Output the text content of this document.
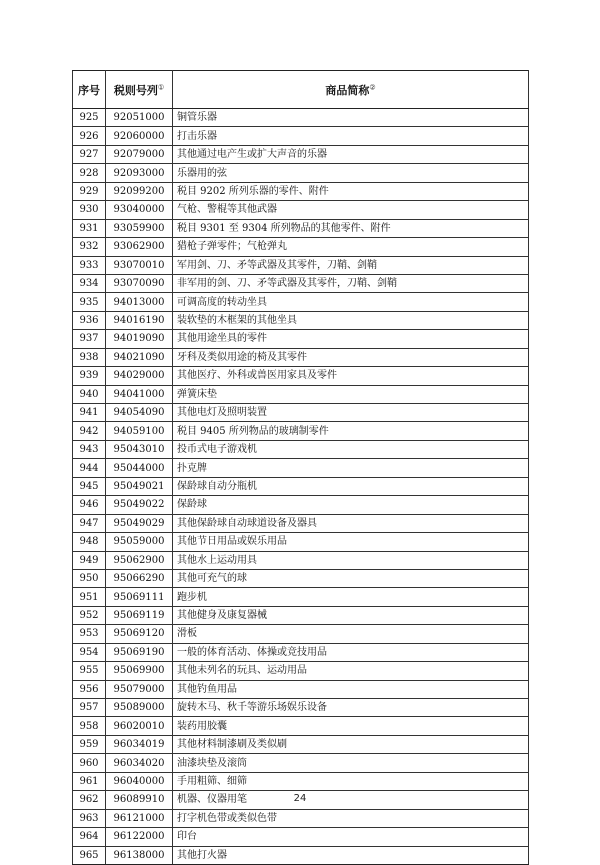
序号	税则号列①	商品简称②
925	92051000	铜管乐器
926	92060000	打击乐器
927	92079000	其他通过电产生或扩大声音的乐器
928	92093000	乐器用的弦
929	92099200	税目 9202 所列乐器的零件、附件
930	93040000	气枪、警棍等其他武器
931	93059900	税目 9301 至 9304 所列物品的其他零件、附件
932	93062900	猎枪子弹零件；气枪弹丸
933	93070010	军用剑、刀、矛等武器及其零件，刀鞘、剑鞘
934	93070090	非军用的剑、刀、矛等武器及其零件，刀鞘、剑鞘
935	94013000	可调高度的转动坐具
936	94016190	装软垫的木框架的其他坐具
937	94019090	其他用途坐具的零件
938	94021090	牙科及类似用途的椅及其零件
939	94029000	其他医疗、外科或兽医用家具及零件
940	94041000	弹簧床垫
941	94054090	其他电灯及照明装置
942	94059100	税目 9405 所列物品的玻璃制零件
943	95043010	投币式电子游戏机
944	95044000	扑克牌
945	95049021	保龄球自动分瓶机
946	95049022	保龄球
947	95049029	其他保龄球自动球道设备及器具
948	95059000	其他节日用品或娱乐用品
949	95062900	其他水上运动用具
950	95066290	其他可充气的球
951	95069111	跑步机
952	95069119	其他健身及康复器械
953	95069120	滑板
954	95069190	一般的体育活动、体操或竞技用品
955	95069900	其他未列名的玩具、运动用品
956	95079000	其他钓鱼用品
957	95089000	旋转木马、秋千等游乐场娱乐设备
958	96020010	装药用胶囊
959	96034019	其他材料制漆刷及类似刷
960	96034020	油漆块垫及滚筒
961	96040000	手用粗筛、细筛
962	96089910	机器、仪器用笔
963	96121000	打字机色带或类似色带
964	96122000	印台
965	96138000	其他打火器
24
